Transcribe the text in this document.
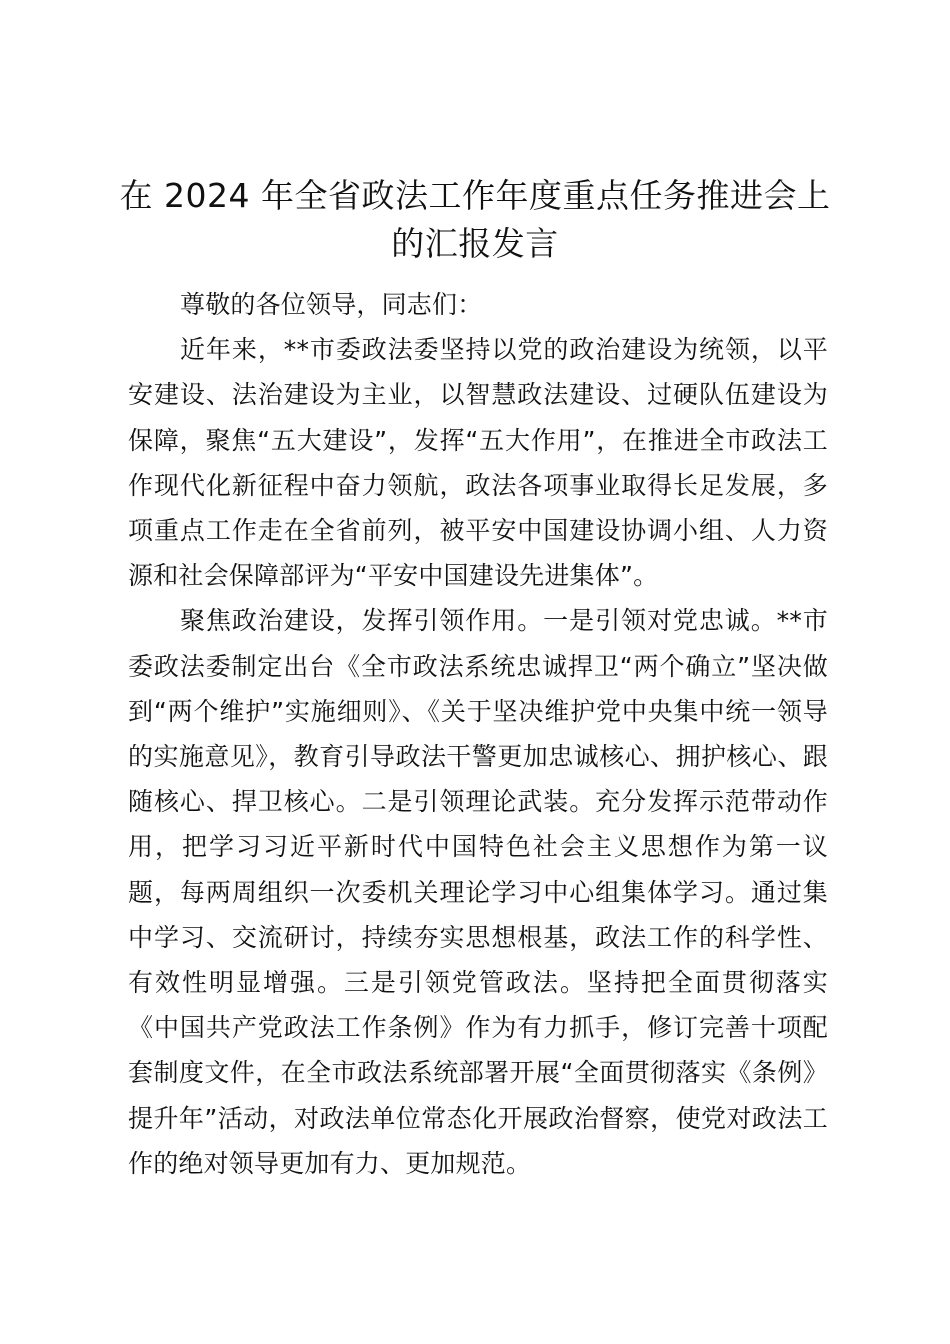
在 2024 年全省政法工作年度重点任务推进会上的汇报发言

尊敬的各位领导，同志们：

近年来，**市委政法委坚持以党的政治建设为统领，以平安建设、法治建设为主业，以智慧政法建设、过硬队伍建设为保障，聚焦“五大建设”，发挥“五大作用”，在推进全市政法工作现代化新征程中奋力领航，政法各项事业取得长足发展，多项重点工作走在全省前列，被平安中国建设协调小组、人力资源和社会保障部评为“平安中国建设先进集体”。

聚焦政治建设，发挥引领作用。一是引领对党忠诚。**市委政法委制定出台《全市政法系统忠诚捍卫“两个确立”坚决做到“两个维护”实施细则》、《关于坚决维护党中央集中统一领导的实施意见》，教育引导政法干警更加忠诚核心、拥护核心、跟随核心、捍卫核心。二是引领理论武装。充分发挥示范带动作用，把学习习近平新时代中国特色社会主义思想作为第一议题，每两周组织一次委机关理论学习中心组集体学习。通过集中学习、交流研讨，持续夯实思想根基，政法工作的科学性、有效性明显增强。三是引领党管政法。坚持把全面贯彻落实《中国共产党政法工作条例》作为有力抓手，修订完善十项配套制度文件，在全市政法系统部署开展“全面贯彻落实《条例》提升年”活动，对政法单位常态化开展政治督察，使党对政法工作的绝对领导更加有力、更加规范。
